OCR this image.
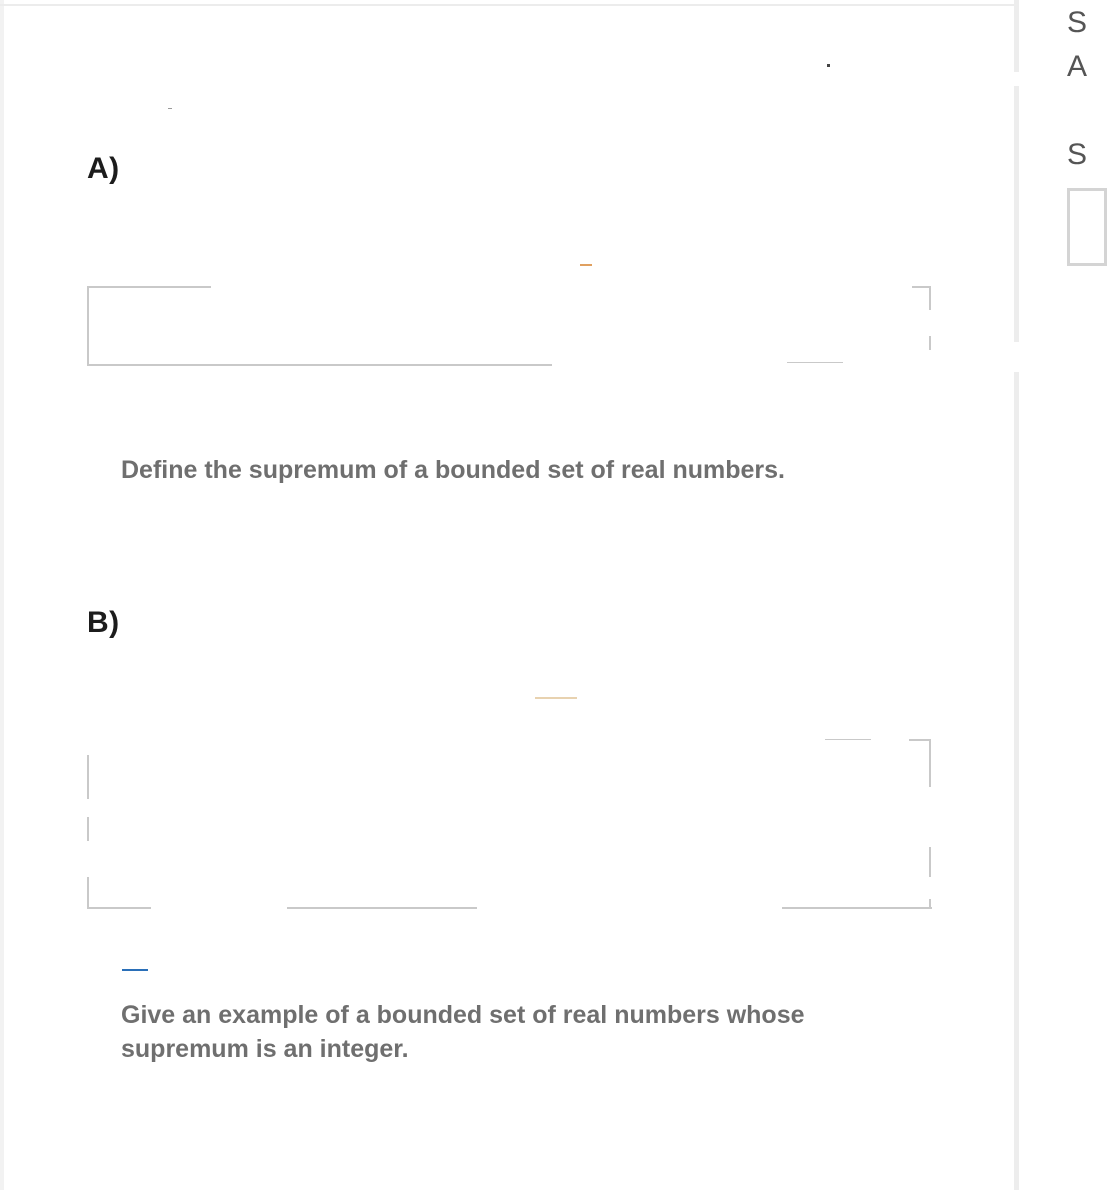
A)
Define the supremum of a bounded set of real numbers.
B)
Give an example of a bounded set of real numbers whose supremum is an integer.
S
A
S
